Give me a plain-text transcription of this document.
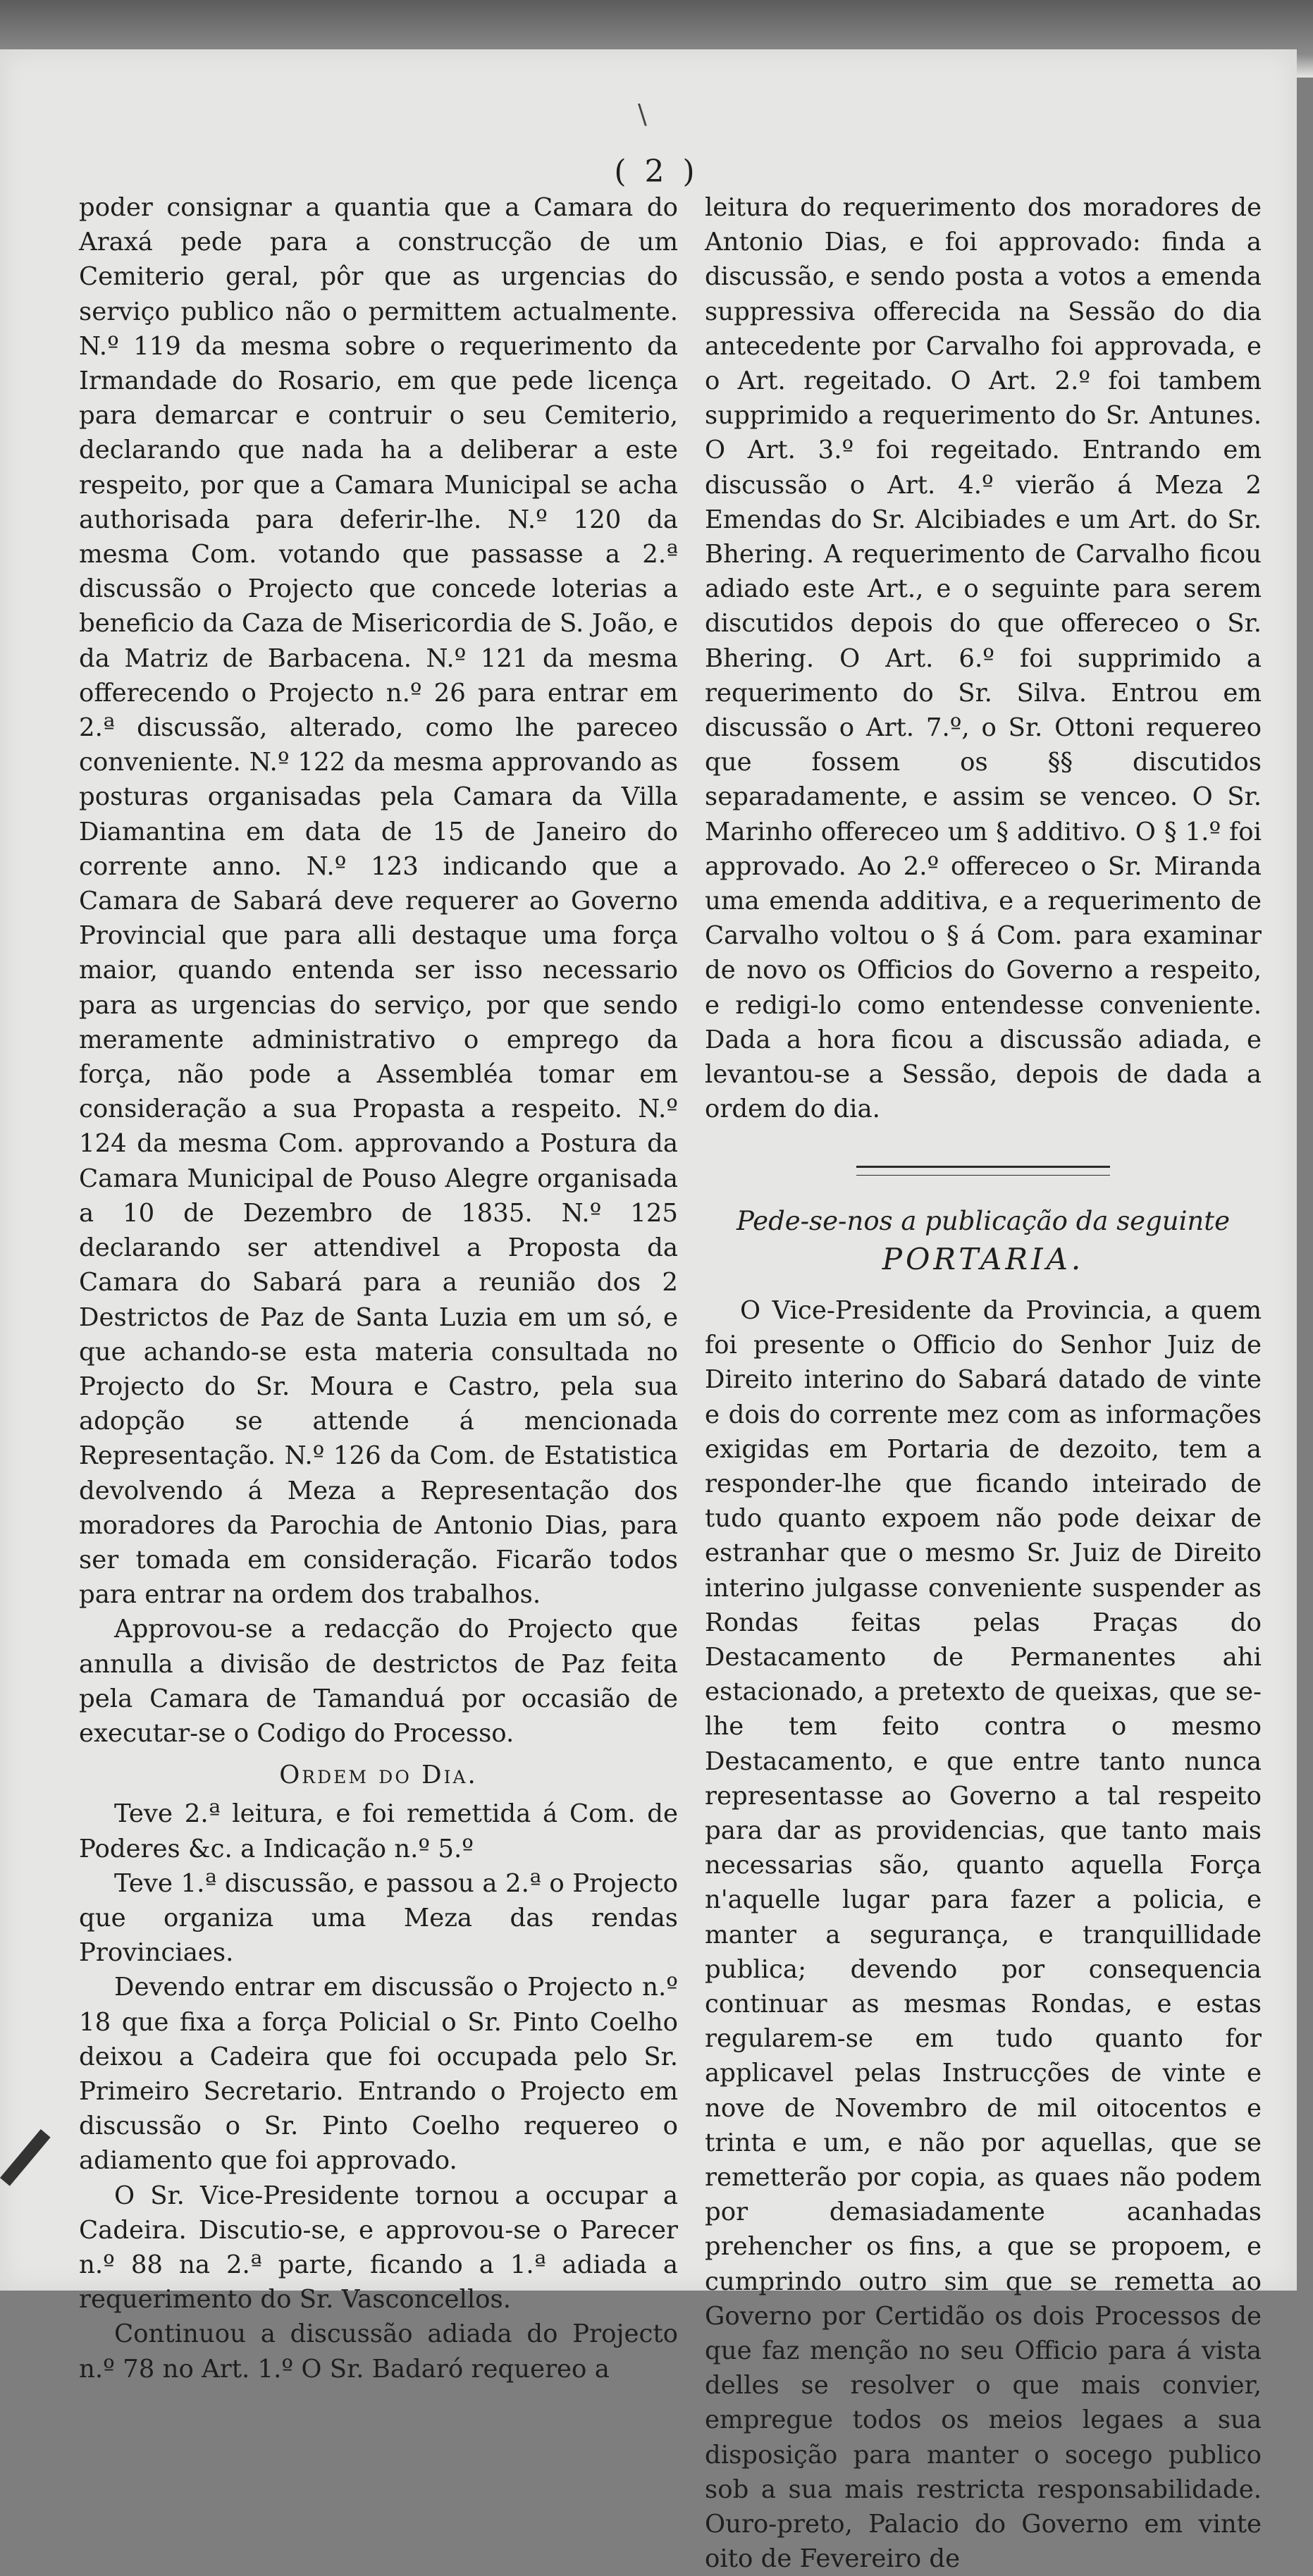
\
( 2 )

poder consignar a quantia que a Camara do Araxá pede para a construcção de um Cemiterio geral, pôr que as urgencias do serviço publico não o permittem actualmente. N.º 119 da mesma sobre o requerimento da Irmandade do Rosario, em que pede licença para demarcar e contruir o seu Cemiterio, declarando que nada ha a deliberar a este respeito, por que a Camara Municipal se acha authorisada para deferir-lhe. N.º 120 da mesma Com. votando que passasse a 2.ª discussão o Projecto que concede loterias a beneficio da Caza de Misericordia de S. João, e da Matriz de Barbacena. N.º 121 da mesma offerecendo o Projecto n.º 26 para entrar em 2.ª discussão, alterado, como lhe pareceo conveniente. N.º 122 da mesma approvando as posturas organisadas pela Camara da Villa Diamantina em data de 15 de Janeiro do corrente anno. N.º 123 indicando que a Camara de Sabará deve requerer ao Governo Provincial que para alli destaque uma força maior, quando entenda ser isso necessario para as urgencias do serviço, por que sendo meramente administrativo o emprego da força, não pode a Assembléa tomar em consideração a sua Propasta a respeito. N.º 124 da mesma Com. approvando a Postura da Camara Municipal de Pouso Alegre organisada a 10 de Dezembro de 1835. N.º 125 declarando ser attendivel a Proposta da Camara do Sabará para a reunião dos 2 Destrictos de Paz de Santa Luzia em um só, e que achando-se esta materia consultada no Projecto do Sr. Moura e Castro, pela sua adopção se attende á mencionada Representação. N.º 126 da Com. de Estatistica devolvendo á Meza a Representação dos moradores da Parochia de Antonio Dias, para ser tomada em consideração. Ficarão todos para entrar na ordem dos trabalhos.

Approvou-se a redacção do Projecto que annulla a divisão de destrictos de Paz feita pela Camara de Tamanduá por occasião de executar-se o Codigo do Processo.

Ordem do Dia.

Teve 2.ª leitura, e foi remettida á Com. de Poderes &c. a Indicação n.º 5.º

Teve 1.ª discussão, e passou a 2.ª o Projecto que organiza uma Meza das rendas Provinciaes.

Devendo entrar em discussão o Projecto n.º 18 que fixa a força Policial o Sr. Pinto Coelho deixou a Cadeira que foi occupada pelo Sr. Primeiro Secretario. Entrando o Projecto em discussão o Sr. Pinto Coelho requereo o adiamento que foi approvado.

O Sr. Vice-Presidente tornou a occupar a Cadeira. Discutio-se, e approvou-se o Parecer n.º 88 na 2.ª parte, ficando a 1.ª adiada a requerimento do Sr. Vasconcellos.

Continuou a discussão adiada do Projecto n.º 78 no Art. 1.º O Sr. Badaró requereo a

leitura do requerimento dos moradores de Antonio Dias, e foi approvado: finda a discussão, e sendo posta a votos a emenda suppressiva offerecida na Sessão do dia antecedente por Carvalho foi approvada, e o Art. regeitado. O Art. 2.º foi tambem supprimido a requerimento do Sr. Antunes. O Art. 3.º foi regeitado. Entrando em discussão o Art. 4.º vierão á Meza 2 Emendas do Sr. Alcibiades e um Art. do Sr. Bhering. A requerimento de Carvalho ficou adiado este Art., e o seguinte para serem discutidos depois do que offereceo o Sr. Bhering. O Art. 6.º foi supprimido a requerimento do Sr. Silva. Entrou em discussão o Art. 7.º, o Sr. Ottoni requereo que fossem os §§ discutidos separadamente, e assim se venceo. O Sr. Marinho offereceo um § additivo. O § 1.º foi approvado. Ao 2.º offereceo o Sr. Miranda uma emenda additiva, e a requerimento de Carvalho voltou o § á Com. para examinar de novo os Officios do Governo a respeito, e redigi-lo como entendesse conveniente. Dada a hora ficou a discussão adiada, e levantou-se a Sessão, depois de dada a ordem do dia.

Pede-se-nos a publicação da seguinte
PORTARIA.

O Vice-Presidente da Provincia, a quem foi presente o Officio do Senhor Juiz de Direito interino do Sabará datado de vinte e dois do corrente mez com as informações exigidas em Portaria de dezoito, tem a responder-lhe que ficando inteirado de tudo quanto expoem não pode deixar de estranhar que o mesmo Sr. Juiz de Direito interino julgasse conveniente suspender as Rondas feitas pelas Praças do Destacamento de Permanentes ahi estacionado, a pretexto de queixas, que se-lhe tem feito contra o mesmo Destacamento, e que entre tanto nunca representasse ao Governo a tal respeito para dar as providencias, que tanto mais necessarias são, quanto aquella Força n'aquelle lugar para fazer a policia, e manter a segurança, e tranquillidade publica; devendo por consequencia continuar as mesmas Rondas, e estas regularem-se em tudo quanto for applicavel pelas Instrucções de vinte e nove de Novembro de mil oitocentos e trinta e um, e não por aquellas, que se remetterão por copia, as quaes não podem por demasiadamente acanhadas prehencher os fins, a que se propoem, e cumprindo outro sim que se remetta ao Governo por Certidão os dois Processos de que faz menção no seu Officio para á vista delles se resolver o que mais convier, empregue todos os meios legaes a sua disposição para manter o socego publico sob a sua mais restricta responsabilidade. Ouro-preto, Palacio do Governo em vinte oito de Fevereiro de
